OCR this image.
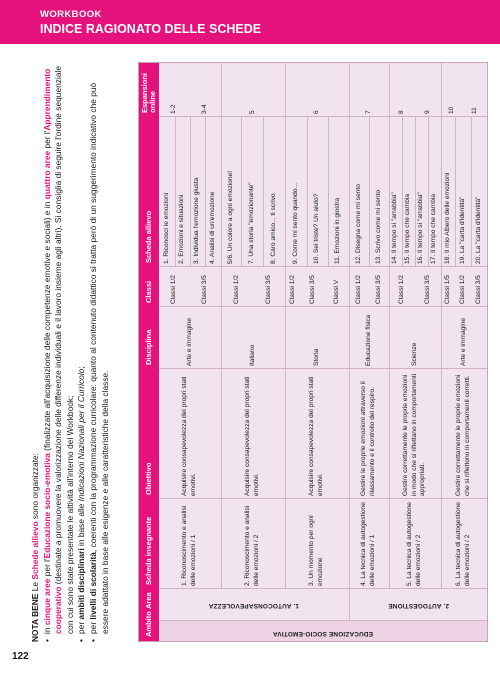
WORKBOOK
INDICE RAGIONATO DELLE SCHEDE
NOTA BENE Le Schede allievo sono organizzate:
• in cinque aree per l'Educazione socio-emotiva (finalizzate all'acquisizione delle competenze emotive e sociali) e in quattro aree per l'Apprendimento cooperativo (destinate a promuovere la valorizzazione delle differenze individuali e il lavoro insieme agli altri). Si consiglia di seguire l'ordine sequenziale con cui sono state presentate le attività all'interno del Workbook;
• per ambiti disciplinari in base alle Indicazioni Nazionali per il Curricolo;
• per livelli di scolarità, coerenti con la programmazione curricolare: quanto al contenuto didattico si tratta però di un suggerimento indicativo che può essere adattato in base alle esigenze e alle caratteristiche della classe.	Ambito
Area
Scheda insegnante
Obiettivo
Disciplina
Classi
Scheda allievo
Espansioni online
EDUCAZIONE SOCIO-EMOTIVA
1. AUTOCONSAPEVOLEZZA	2. AUTOGESTIONE
1. Riconoscimento e analisi delle emozioni / 1	2. Riconoscimento e analisi delle emozioni / 2	3. Un momento per ogni emozione	4. La tecnica di autogestione delle emozioni / 1	5. La tecnica di autogestione delle emozioni / 2	6. La tecnica di autogestione delle emozioni / 2
Acquisire consapevolezza dei propri stati emotivi.	Acquisire consapevolezza dei propri stati emotivi.	Acquisire consapevolezza dei propri stati emotivi.	Gestire le proprie emozioni attraverso il rilassamento e il controllo del respiro.	Gestire correttamente le proprie emozioni in modo che si riflettano in comportamenti appropriati.	Gestire correttamente le proprie emozioni che si riflettono in comportamenti corretti.
Arte e immagine	Italiano	Storia	Educazione fisica	Scienze	Arte e immagine
Classi 1/2	Classi 3/5	Classi 1/2	Classi 3/5	Classi 1/2	Classi 3/5	Classi V	Classi 1/2	Classi 3/5	Classi 1/2	Classi 3/5	Classi 1/5	Classi 1/2	Classi 3/5
1. Riconosci le emozioni	2. Emozioni e situazioni	3. Individua l'emozione giusta	4. Analisi di un'emozione	5/6. Un colore a ogni emozione!	7. Una storia "emozionante"	8. Caro amico... ti scrivo	9. Come mi sento quando...	10. Sei triste? Un aiuto?	11. Emozioni in giostra	12. Disegna come mi sento	13. Scrivo come mi sento	14. Il tempo si "arrabbia" 15. Il tempo che cambia 16. Il tempo si "arrabbia" 17. Il tempo che cambia 18. Il mio Albero delle emozioni	19. La "carta d'identità"	20. La "carta d'identità"
1-2	3-4	5	6	7	8	9	10	11
122
